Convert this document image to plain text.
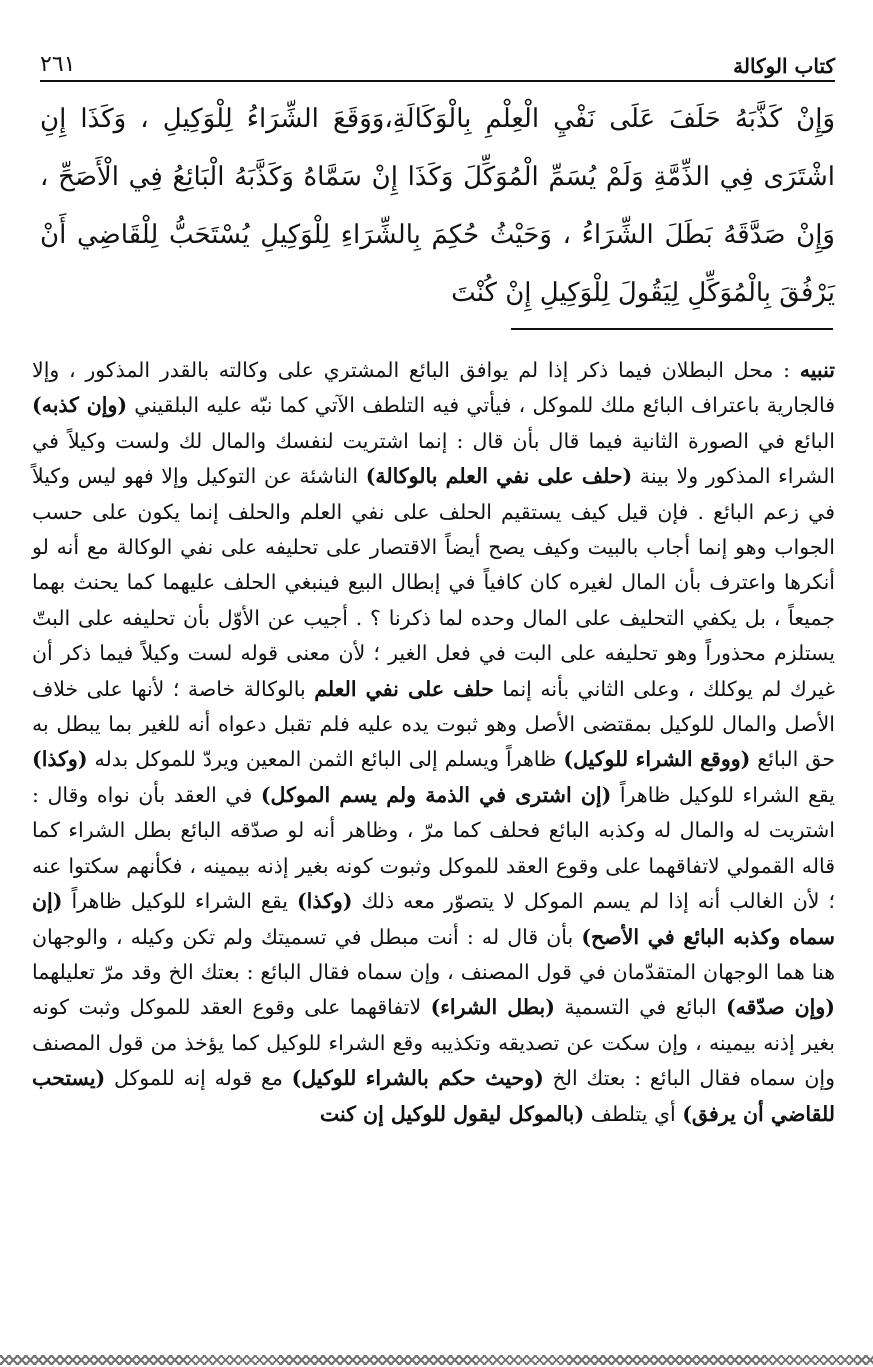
كتاب الوكالة
٢٦١

وَإِنْ كَذَّبَهُ حَلَفَ عَلَى نَفْيِ الْعِلْمِ بِالْوَكَالَةِ،وَوَقَعَ الشِّرَاءُ لِلْوَكِيلِ ، وَكَذَا إِنِ اشْتَرَى فِي الذِّمَّةِ وَلَمْ يُسَمِّ الْمُوَكِّلَ وَكَذَا إِنْ سَمَّاهُ وَكَذَّبَهُ الْبَائِعُ فِي الْأَصَحِّ ، وَإِنْ صَدَّقَهُ بَطَلَ الشِّرَاءُ ، وَحَيْثُ حُكِمَ بِالشِّرَاءِ لِلْوَكِيلِ يُسْتَحَبُّ لِلْقَاضِي أَنْ يَرْفُقَ بِالْمُوَكِّلِ لِيَقُولَ لِلْوَكِيلِ إِنْ كُنْتَ

تنبيه : محل البطلان فيما ذكر إذا لم يوافق البائع المشتري على وكالته بالقدر المذكور ، وإلا فالجارية باعتراف البائع ملك للموكل ، فيأتي فيه التلطف الآتي كما نبّه عليه البلقيني (وإن كذبه) البائع في الصورة الثانية فيما قال بأن قال : إنما اشتريت لنفسك والمال لك ولست وكيلاً في الشراء المذكور ولا بينة (حلف على نفي العلم بالوكالة) الناشئة عن التوكيل وإلا فهو ليس وكيلاً في زعم البائع . فإن قيل كيف يستقيم الحلف على نفي العلم والحلف إنما يكون على حسب الجواب وهو إنما أجاب بالبيت وكيف يصح أيضاً الاقتصار على تحليفه على نفي الوكالة مع أنه لو أنكرها واعترف بأن المال لغيره كان كافياً في إبطال البيع فينبغي الحلف عليهما كما يحنث بهما جميعاً ، بل يكفي التحليف على المال وحده لما ذكرنا ؟ . أجيب عن الأوّل بأن تحليفه على البتّ يستلزم محذوراً وهو تحليفه على البت في فعل الغير ؛ لأن معنى قوله لست وكيلاً فيما ذكر أن غيرك لم يوكلك ، وعلى الثاني بأنه إنما حلف على نفي العلم بالوكالة خاصة ؛ لأنها على خلاف الأصل والمال للوكيل بمقتضى الأصل وهو ثبوت يده عليه فلم تقبل دعواه أنه للغير بما يبطل به حق البائع (ووقع الشراء للوكيل) ظاهراً ويسلم إلى البائع الثمن المعين ويردّ للموكل بدله (وكذا) يقع الشراء للوكيل ظاهراً (إن اشترى في الذمة ولم يسم الموكل) في العقد بأن نواه وقال : اشتريت له والمال له وكذبه البائع فحلف كما مرّ ، وظاهر أنه لو صدّقه البائع بطل الشراء كما قاله القمولي لاتفاقهما على وقوع العقد للموكل وثبوت كونه بغير إذنه بيمينه ، فكأنهم سكتوا عنه ؛ لأن الغالب أنه إذا لم يسم الموكل لا يتصوّر معه ذلك (وكذا) يقع الشراء للوكيل ظاهراً (إن سماه وكذبه البائع في الأصح) بأن قال له : أنت مبطل في تسميتك ولم تكن وكيله ، والوجهان هنا هما الوجهان المتقدّمان في قول المصنف ، وإن سماه فقال البائع : بعتك الخ وقد مرّ تعليلهما (وإن صدّقه) البائع في التسمية (بطل الشراء) لاتفاقهما على وقوع العقد للموكل وثبت كونه بغير إذنه بيمينه ، وإن سكت عن تصديقه وتكذيبه وقع الشراء للوكيل كما يؤخذ من قول المصنف وإن سماه فقال البائع : بعتك الخ (وحيث حكم بالشراء للوكيل) مع قوله إنه للموكل (يستحب للقاضي أن يرفق) أي يتلطف (بالموكل ليقول للوكيل إن كنت
